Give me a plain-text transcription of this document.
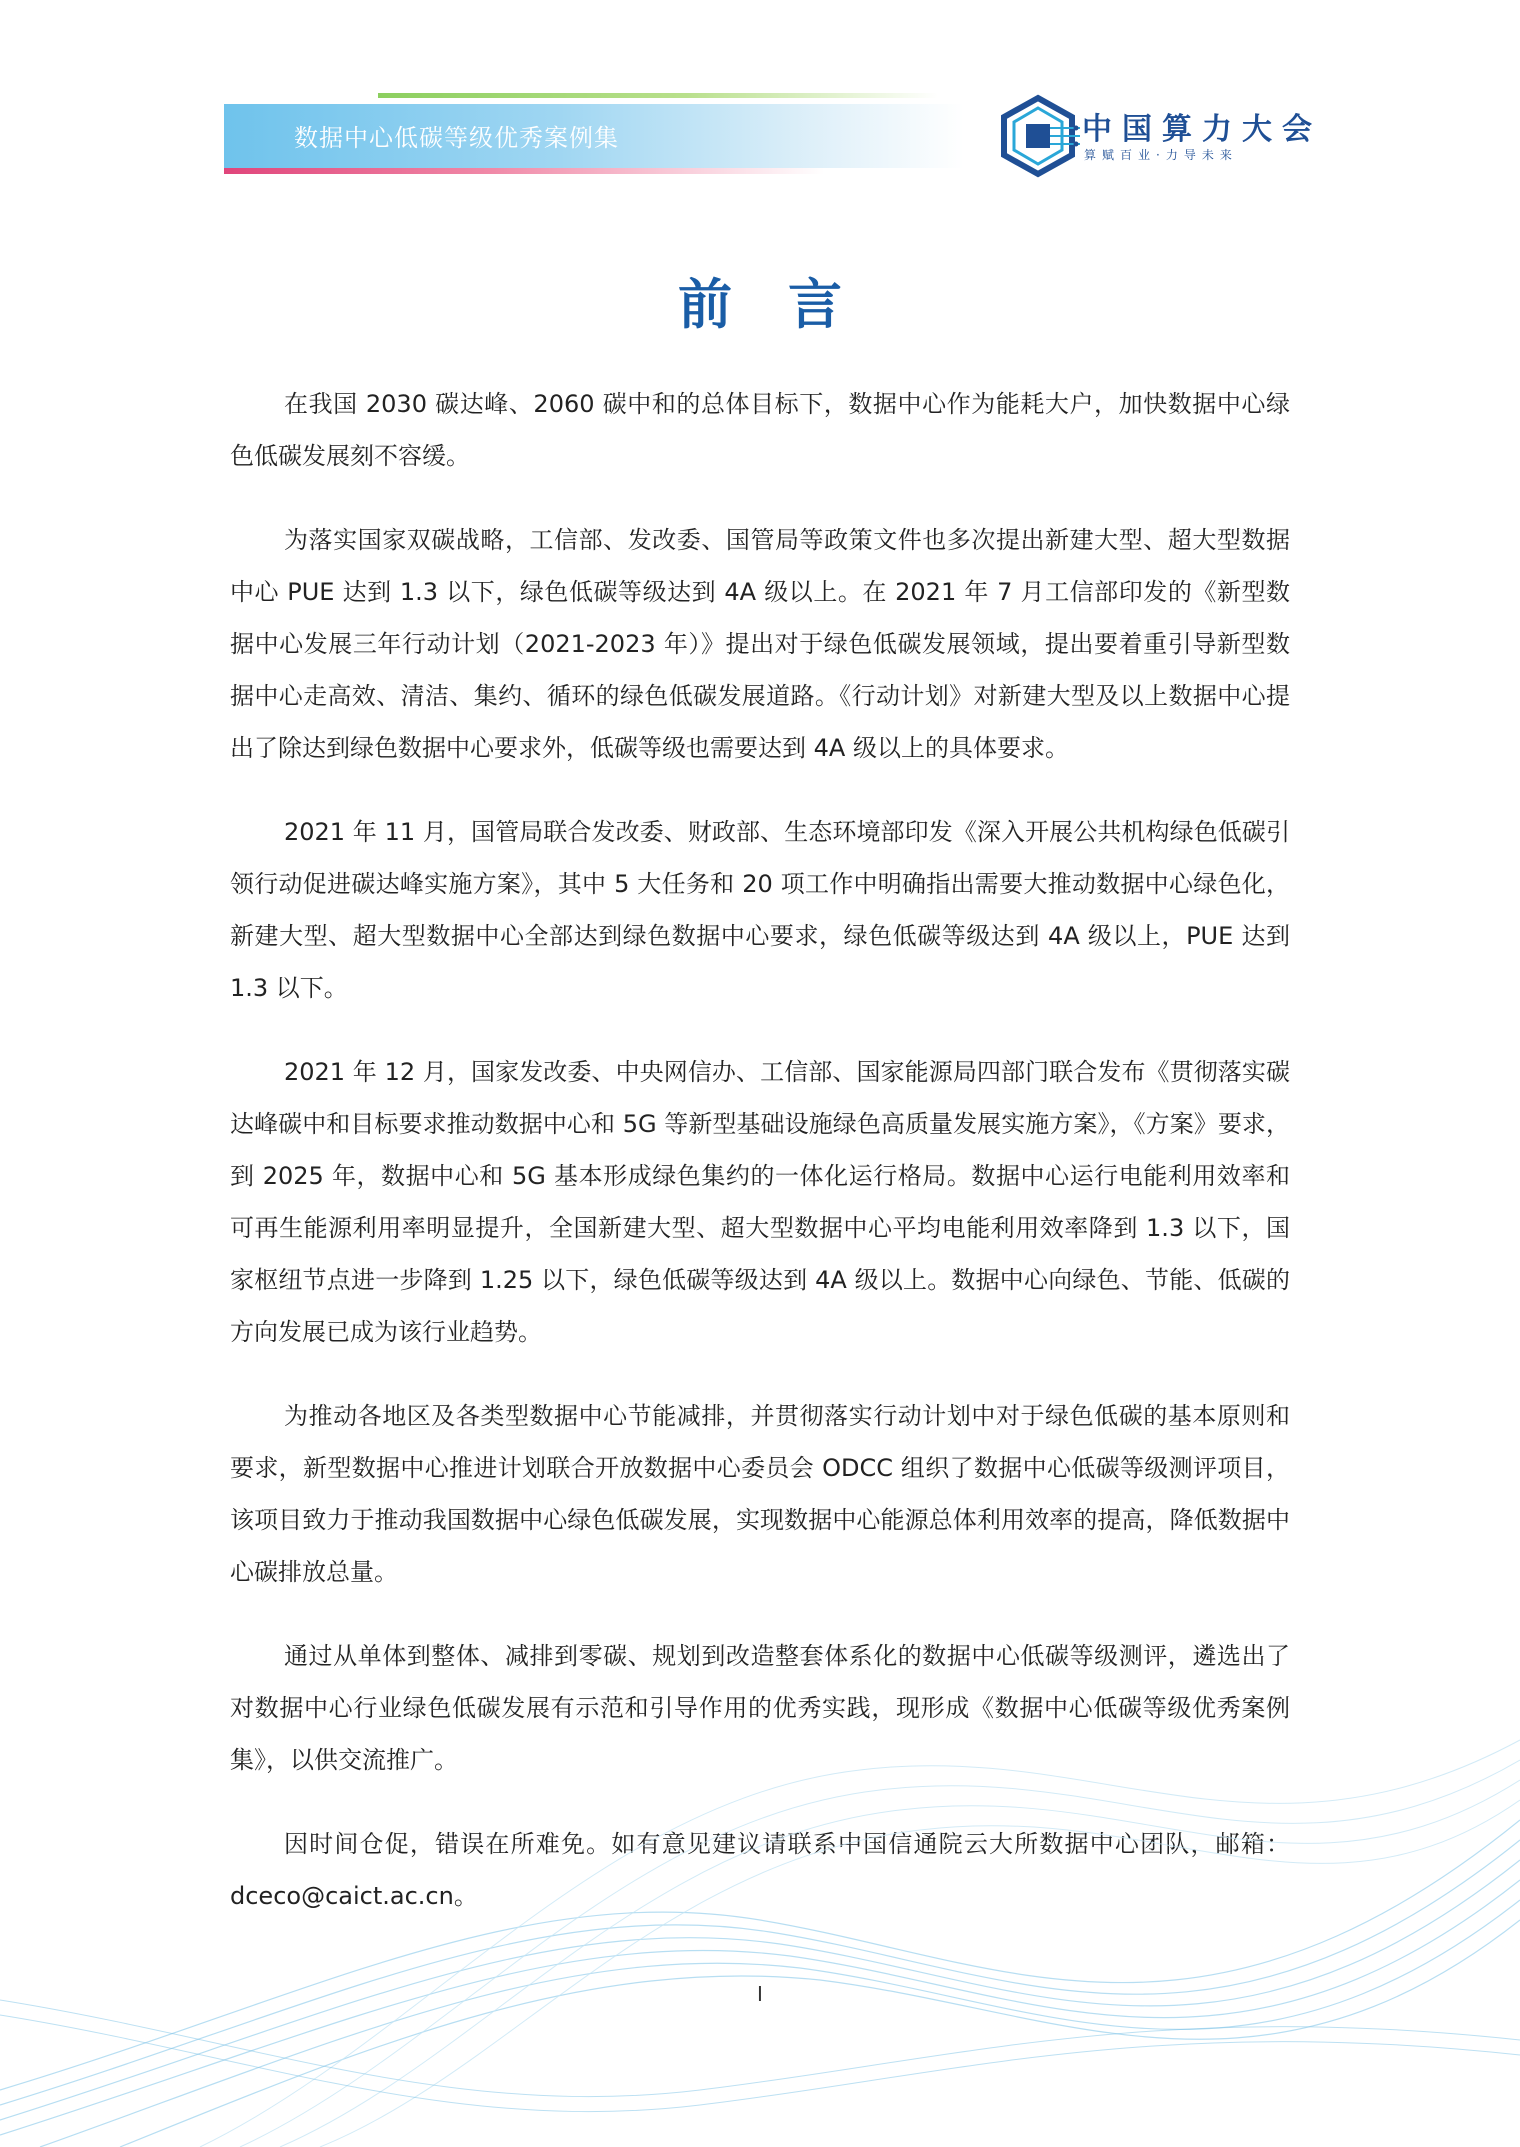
数据中心低碳等级优秀案例集	中国算力大会
算赋百业·力导未来
前言

在我国 2030 碳达峰、2060 碳中和的总体目标下，数据中心作为能耗大户，加快数据中心绿色低碳发展刻不容缓。

为落实国家双碳战略，工信部、发改委、国管局等政策文件也多次提出新建大型、超大型数据中心 PUE 达到 1.3 以下，绿色低碳等级达到 4A 级以上。在 2021 年 7 月工信部印发的《新型数据中心发展三年行动计划（2021-2023 年）》提出对于绿色低碳发展领域，提出要着重引导新型数据中心走高效、清洁、集约、循环的绿色低碳发展道路。《行动计划》对新建大型及以上数据中心提出了除达到绿色数据中心要求外，低碳等级也需要达到 4A 级以上的具体要求。

2021 年 11 月，国管局联合发改委、财政部、生态环境部印发《深入开展公共机构绿色低碳引领行动促进碳达峰实施方案》，其中 5 大任务和 20 项工作中明确指出需要大推动数据中心绿色化，新建大型、超大型数据中心全部达到绿色数据中心要求，绿色低碳等级达到 4A 级以上，PUE 达到 1.3 以下。

2021 年 12 月，国家发改委、中央网信办、工信部、国家能源局四部门联合发布《贯彻落实碳达峰碳中和目标要求推动数据中心和 5G 等新型基础设施绿色高质量发展实施方案》，《方案》要求，到 2025 年，数据中心和 5G 基本形成绿色集约的一体化运行格局。数据中心运行电能利用效率和可再生能源利用率明显提升，全国新建大型、超大型数据中心平均电能利用效率降到 1.3 以下，国家枢纽节点进一步降到 1.25 以下，绿色低碳等级达到 4A 级以上。数据中心向绿色、节能、低碳的方向发展已成为该行业趋势。

为推动各地区及各类型数据中心节能减排，并贯彻落实行动计划中对于绿色低碳的基本原则和要求，新型数据中心推进计划联合开放数据中心委员会 ODCC 组织了数据中心低碳等级测评项目，该项目致力于推动我国数据中心绿色低碳发展，实现数据中心能源总体利用效率的提高，降低数据中心碳排放总量。

通过从单体到整体、减排到零碳、规划到改造整套体系化的数据中心低碳等级测评，遴选出了对数据中心行业绿色低碳发展有示范和引导作用的优秀实践，现形成《数据中心低碳等级优秀案例集》，以供交流推广。

因时间仓促，错误在所难免。如有意见建议请联系中国信通院云大所数据中心团队，邮箱：dceco@caict.ac.cn。

I
